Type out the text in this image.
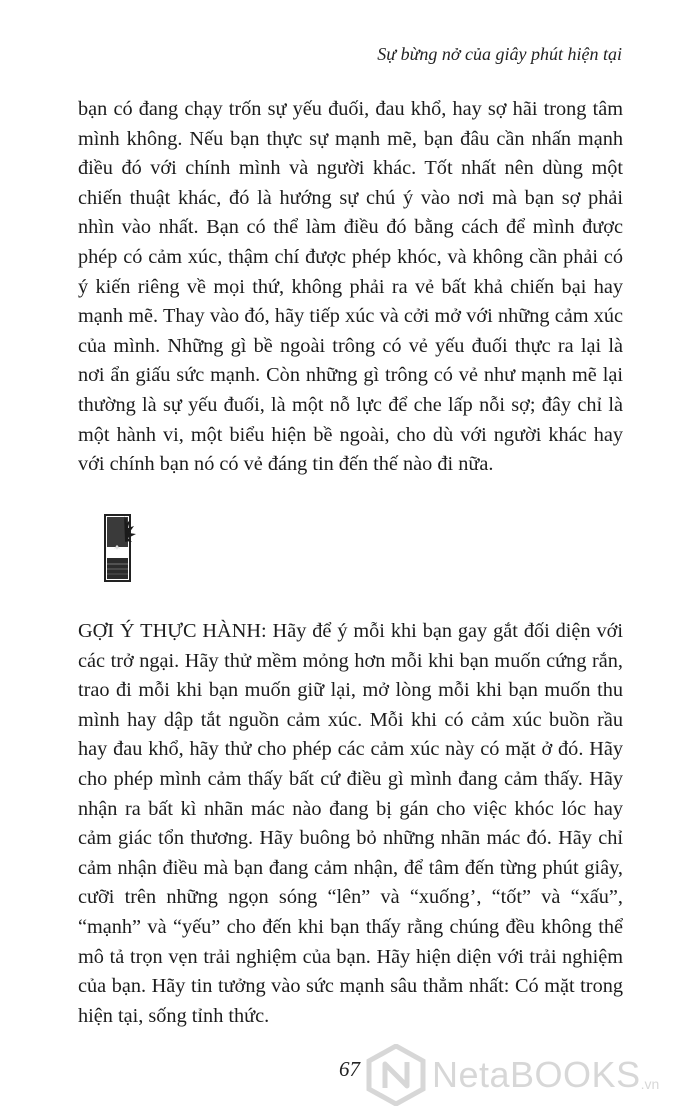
Sự bừng nở của giây phút hiện tại

bạn có đang chạy trốn sự yếu đuối, đau khổ, hay sợ hãi trong tâm mình không. Nếu bạn thực sự mạnh mẽ, bạn đâu cần nhấn mạnh điều đó với chính mình và người khác. Tốt nhất nên dùng một chiến thuật khác, đó là hướng sự chú ý vào nơi mà bạn sợ phải nhìn vào nhất. Bạn có thể làm điều đó bằng cách để mình được phép có cảm xúc, thậm chí được phép khóc, và không cần phải có ý kiến riêng về mọi thứ, không phải ra vẻ bất khả chiến bại hay mạnh mẽ. Thay vào đó, hãy tiếp xúc và cởi mở với những cảm xúc của mình. Những gì bề ngoài trông có vẻ yếu đuối thực ra lại là nơi ẩn giấu sức mạnh. Còn những gì trông có vẻ như mạnh mẽ lại thường là sự yếu đuối, là một nỗ lực để che lấp nỗi sợ; đây chỉ là một hành vi, một biểu hiện bề ngoài, cho dù với người khác hay với chính bạn nó có vẻ đáng tin đến thế nào đi nữa.

GỢI Ý THỰC HÀNH: Hãy để ý mỗi khi bạn gay gắt đối diện với các trở ngại. Hãy thử mềm mỏng hơn mỗi khi bạn muốn cứng rắn, trao đi mỗi khi bạn muốn giữ lại, mở lòng mỗi khi bạn muốn thu mình hay dập tắt nguồn cảm xúc. Mỗi khi có cảm xúc buồn rầu hay đau khổ, hãy thử cho phép các cảm xúc này có mặt ở đó. Hãy cho phép mình cảm thấy bất cứ điều gì mình đang cảm thấy. Hãy nhận ra bất kì nhãn mác nào đang bị gán cho việc khóc lóc hay cảm giác tổn thương. Hãy buông bỏ những nhãn mác đó. Hãy chỉ cảm nhận điều mà bạn đang cảm nhận, để tâm đến từng phút giây, cưỡi trên những ngọn sóng “lên” và “xuống’, “tốt” và “xấu”, “mạnh” và “yếu” cho đến khi bạn thấy rằng chúng đều không thể mô tả trọn vẹn trải nghiệm của bạn. Hãy hiện diện với trải nghiệm của bạn. Hãy tin tưởng vào sức mạnh sâu thẳm nhất: Có mặt trong hiện tại, sống tỉnh thức.

67 NetaBOOKS .vn
